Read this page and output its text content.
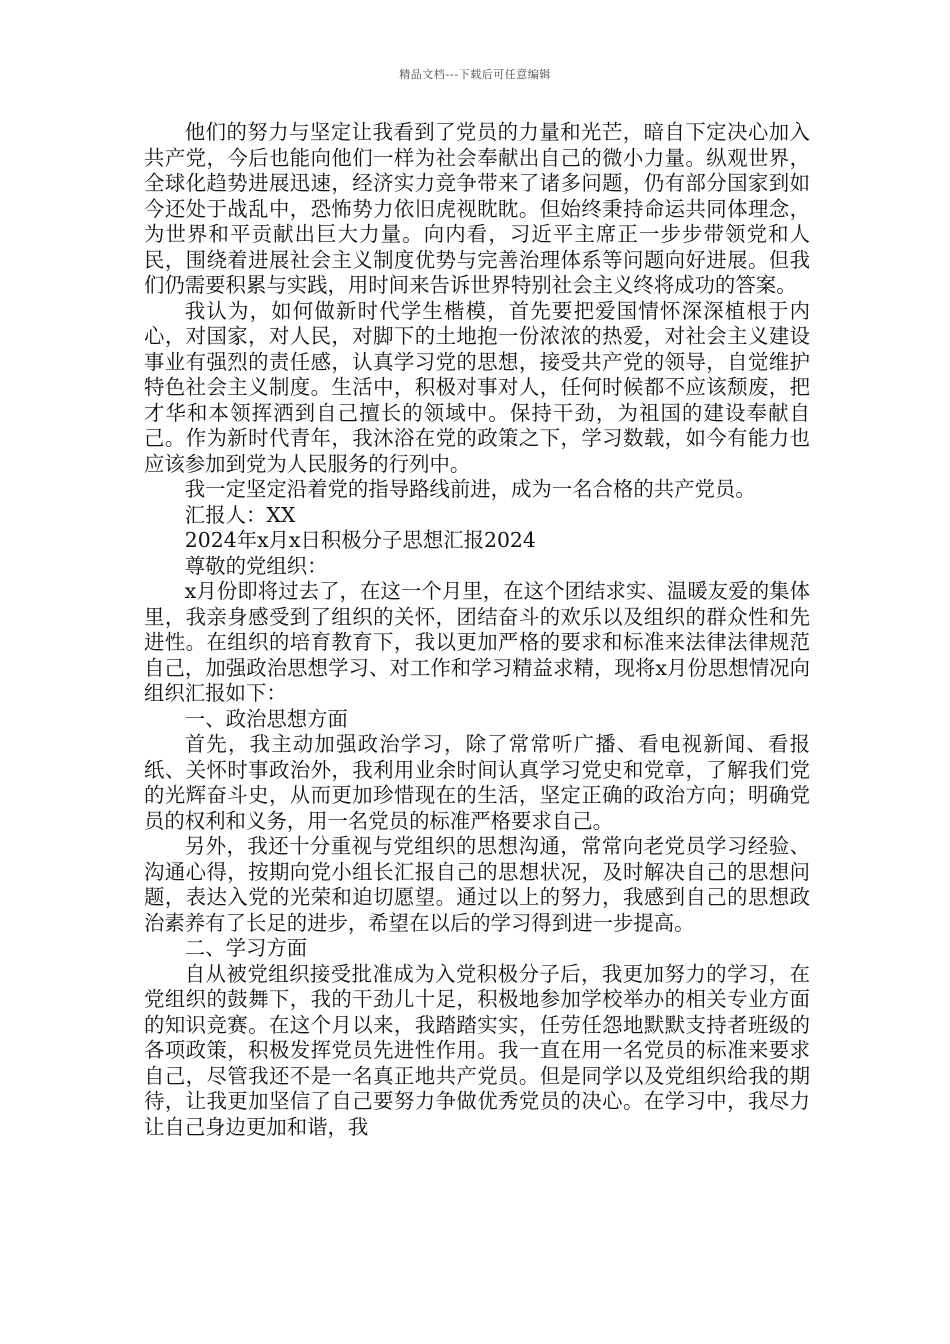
精品文档---下载后可任意编辑

他们的努力与坚定让我看到了党员的力量和光芒，暗自下定决心加入共产党，今后也能向他们一样为社会奉献出自己的微小力量。纵观世界，全球化趋势进展迅速，经济实力竞争带来了诸多问题，仍有部分国家到如今还处于战乱中，恐怖势力依旧虎视眈眈。但始终秉持命运共同体理念，为世界和平贡献出巨大力量。向内看，习近平主席正一步步带领党和人民，围绕着进展社会主义制度优势与完善治理体系等问题向好进展。但我们仍需要积累与实践，用时间来告诉世界特别社会主义终将成功的答案。

我认为，如何做新时代学生楷模，首先要把爱国情怀深深植根于内心，对国家，对人民，对脚下的土地抱一份浓浓的热爱，对社会主义建设事业有强烈的责任感，认真学习党的思想，接受共产党的领导，自觉维护特色社会主义制度。生活中，积极对事对人，任何时候都不应该颓废，把才华和本领挥洒到自己擅长的领域中。保持干劲，为祖国的建设奉献自己。作为新时代青年，我沐浴在党的政策之下，学习数载，如今有能力也应该参加到党为人民服务的行列中。

我一定坚定沿着党的指导路线前进，成为一名合格的共产党员。

汇报人：XX

2024年x月x日积极分子思想汇报2024

尊敬的党组织：

x月份即将过去了，在这一个月里，在这个团结求实、温暖友爱的集体里，我亲身感受到了组织的关怀，团结奋斗的欢乐以及组织的群众性和先进性。在组织的培育教育下，我以更加严格的要求和标准来法律法律规范自己，加强政治思想学习、对工作和学习精益求精，现将x月份思想情况向组织汇报如下：

一、政治思想方面

首先，我主动加强政治学习，除了常常听广播、看电视新闻、看报纸、关怀时事政治外，我利用业余时间认真学习党史和党章，了解我们党的光辉奋斗史，从而更加珍惜现在的生活，坚定正确的政治方向；明确党员的权利和义务，用一名党员的标准严格要求自己。

另外，我还十分重视与党组织的思想沟通，常常向老党员学习经验、沟通心得，按期向党小组长汇报自己的思想状况，及时解决自己的思想问题，表达入党的光荣和迫切愿望。通过以上的努力，我感到自己的思想政治素养有了长足的进步，希望在以后的学习得到进一步提高。

二、学习方面

自从被党组织接受批准成为入党积极分子后，我更加努力的学习，在党组织的鼓舞下，我的干劲儿十足，积极地参加学校举办的相关专业方面的知识竞赛。在这个月以来，我踏踏实实，任劳任怨地默默支持者班级的各项政策，积极发挥党员先进性作用。我一直在用一名党员的标准来要求自己，尽管我还不是一名真正地共产党员。但是同学以及党组织给我的期待，让我更加坚信了自己要努力争做优秀党员的决心。在学习中，我尽力让自己身边更加和谐，我
